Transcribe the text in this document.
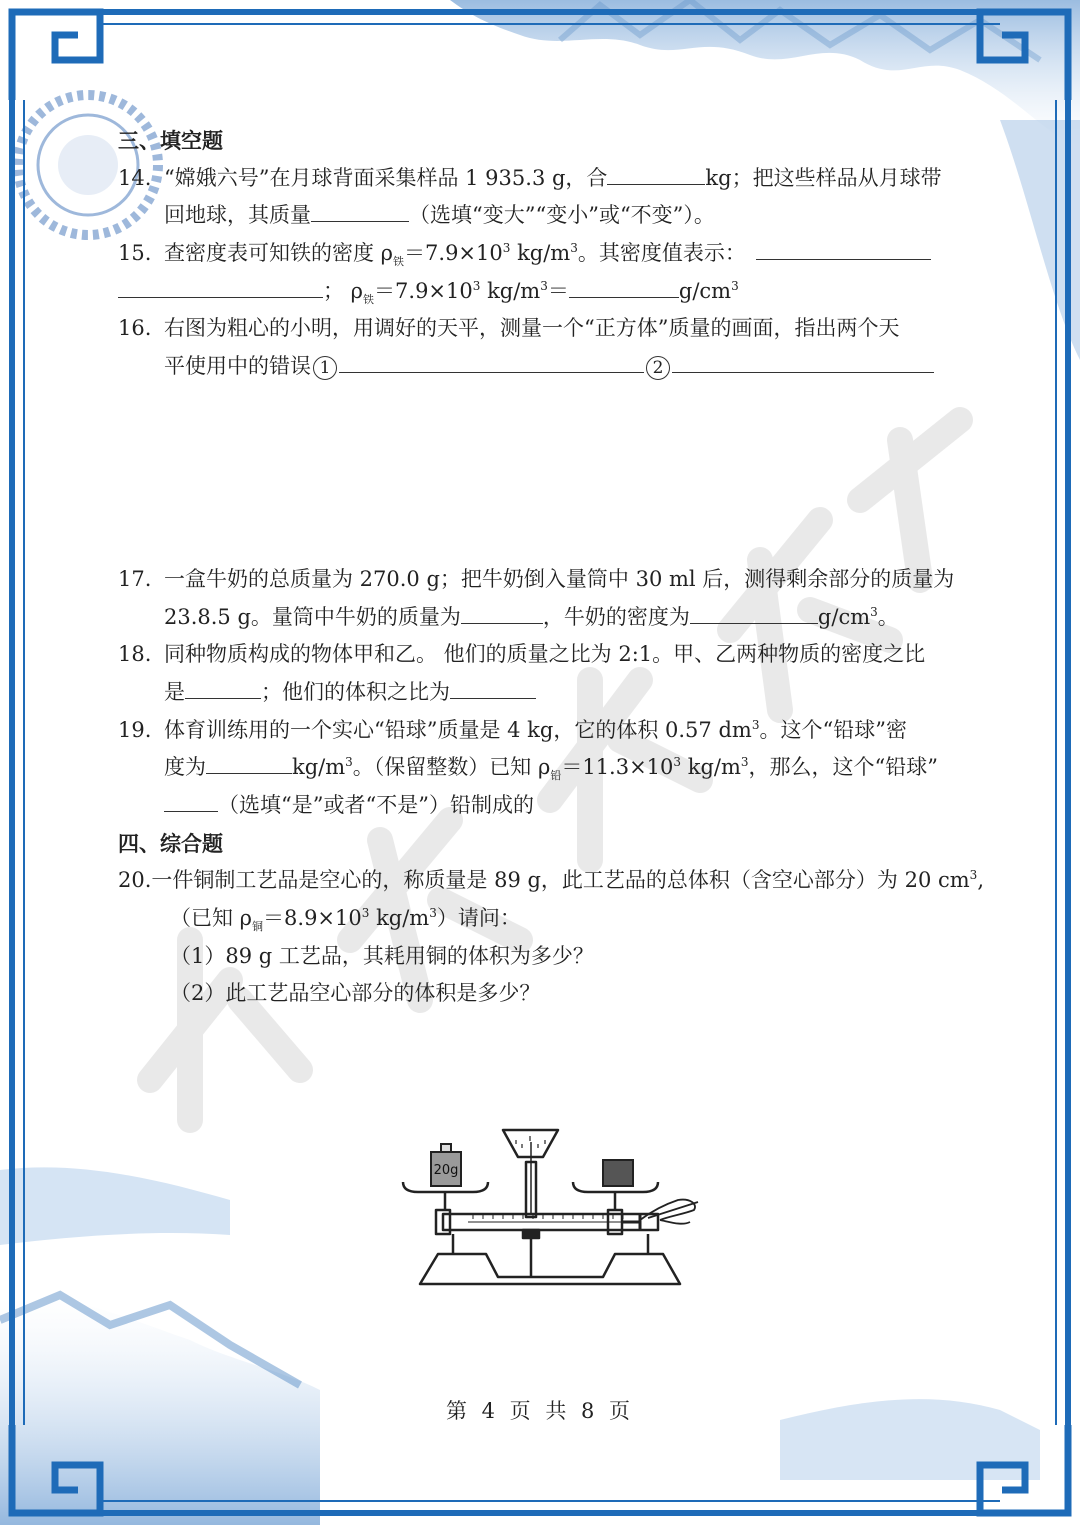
三、填空题
14. “嫦娥六号”在月球背面采集样品 1 935.3 g，合	kg；把这些样品从月球带
回地球，其质量	（选填“变大”“变小”或“不变”）。
15. 查密度表可知铁的密度 $\rho_铁=7.9\times 10^3$ $kg/m^3$。其密度值表示：
； $\rho_铁=7.9\times 10^3$ $kg/m^3=$	$g/cm^3$
16. 右图为粗心的小明，用调好的天平，测量一个“正方体”质量的画面，指出两个天
平使用中的错误 1	2
17. 一盒牛奶的总质量为 270.0 g；把牛奶倒入量筒中 30 ml 后，测得剩余部分的质量为
23.8.5 g。量筒中牛奶的质量为	，牛奶的密度为	$g/cm^3$。
18. 同种物质构成的物体甲和乙。 他们的质量之比为 2:1。甲、乙两种物质的密度之比
是	；他们的体积之比为
19. 体育训练用的一个实心“铅球”质量是 4 kg，它的体积 0.57 $dm^3$。这个“铅球”密
度为	$kg/m^3$。（保留整数）已知 $\rho_铅=11.3\times 10^3$ $kg/m^3$，那么，这个“铅球”
（选填“是”或者“不是”）铅制成的
四、综合题
20.一件铜制工艺品是空心的，称质量是 89 g，此工艺品的总体积（含空心部分）为 20 $cm^3$,
（已知 $\rho_铜=8.9\times 10^3$ $kg/m^3$）请问：
（1）89 g 工艺品，其耗用铜的体积为多少？
（2）此工艺品空心部分的体积是多少？
20g
第 4 页 共 8 页
